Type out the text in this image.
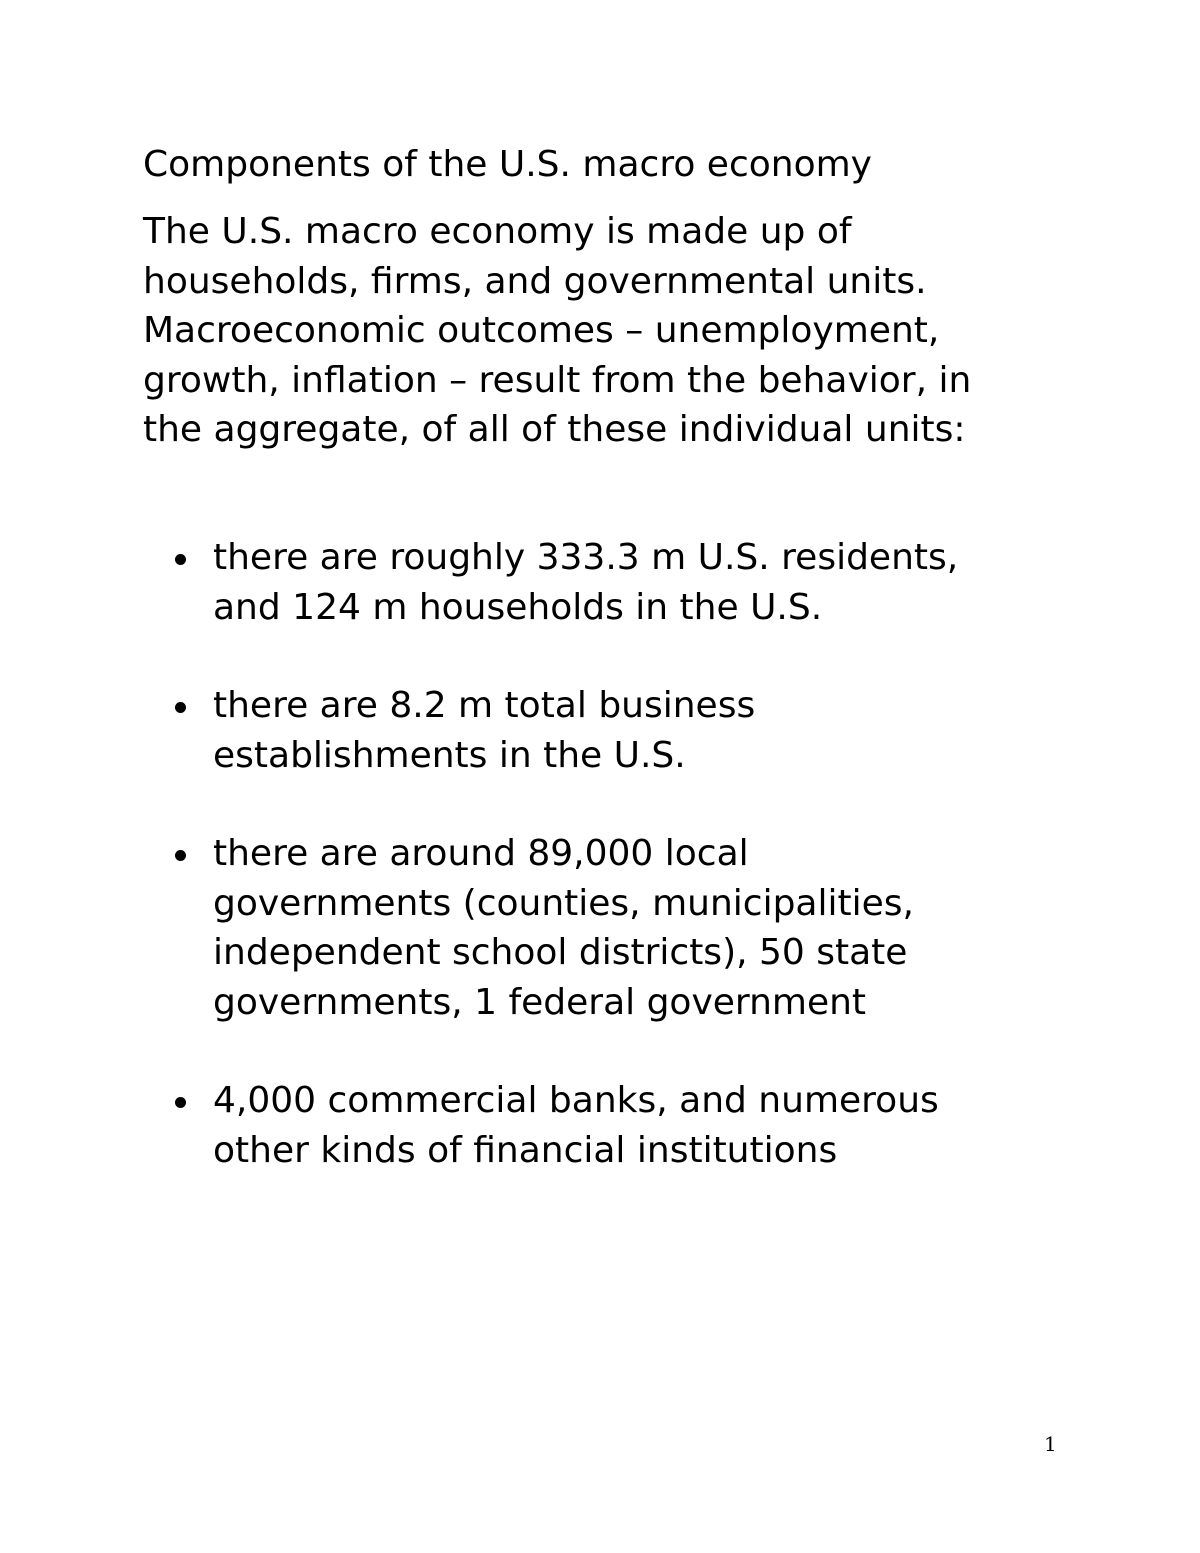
Components of the U.S. macro economy

The U.S. macro economy is made up of
households, firms, and governmental units.
Macroeconomic outcomes – unemployment,
growth, inflation – result from the behavior, in
the aggregate, of all of these individual units:

there are roughly 333.3 m U.S. residents,
and 124 m households in the U.S.
there are 8.2 m total business
establishments in the U.S.
there are around 89,000 local
governments (counties, municipalities,
independent school districts), 50 state
governments, 1 federal government
4,000 commercial banks, and numerous
other kinds of financial institutions
1
